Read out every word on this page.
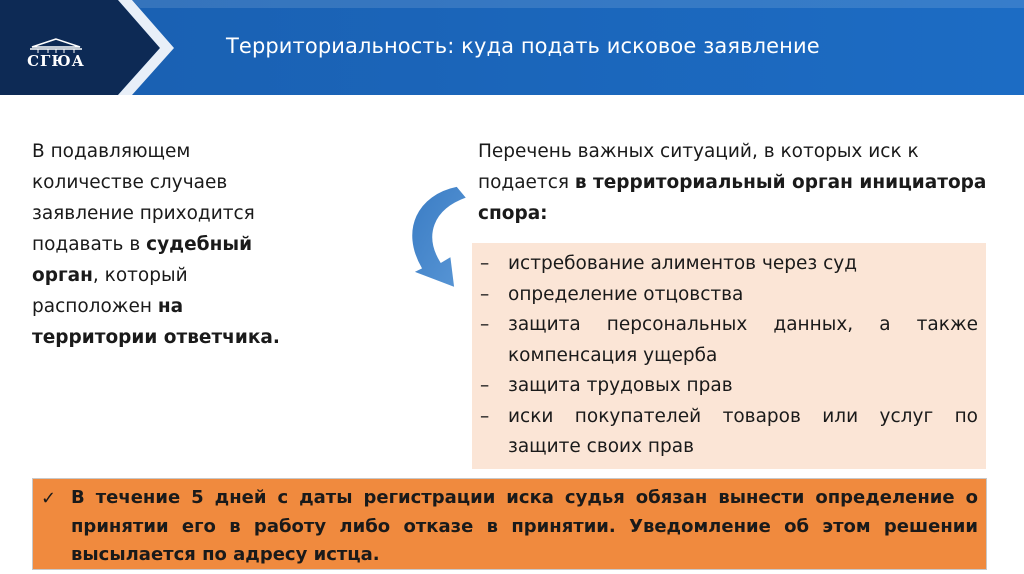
СГЮА
Территориальность: куда подать исковое заявление
В подавляющем количестве случаев заявление приходится подавать в судебный орган, который расположен на территории ответчика.
Перечень важных ситуаций, в которых иск к подается в территориальный орган инициатора спора:
–	истребование алиментов через суд
–	определение отцовства
–	защита персональных данных, а также компенсация ущерба
–	защита трудовых прав
–	иски покупателей товаров или услуг по защите своих прав
✓ В течение 5 дней с даты регистрации иска судья обязан вынести определение о принятии его в работу либо отказе в принятии. Уведомление об этом решении высылается по адресу истца.
